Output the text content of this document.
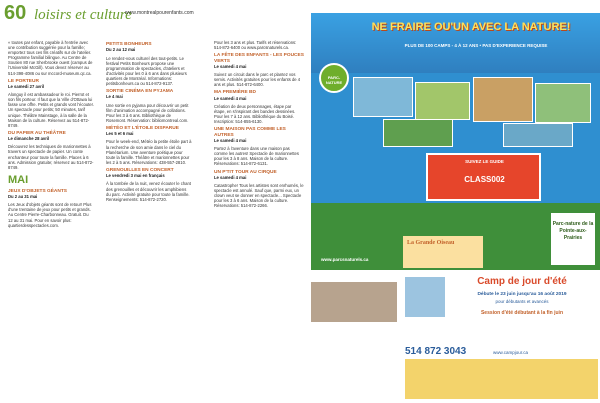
60 loisirs et culture
www.montrealpourenfants.com

« toutes par enfant, payable à l'entrée avec une contribution suggérée pour la famille; emportez tous ces fils créatifs sur de l'atelier. Programme familial bilingue. Au Centre de Soutien 80 rue Sherbrooke ouest (campus de l'Université McGill). Vous devez réserver au 514-398-4086 ou sur mccord-museum.qc.ca.

LE PORTEUR

Le samedi 27 avril

Alonguy il est ambassadeur le roi. Pierrot et son fils porteur. Il faut que la Ville d'Ottawa lui fasse une offre. Petits et grands vont l'écouter. Un spectacle pour petits; 50 minutes, tarif unique. Théâtre Mainstage, à la salle de la Maison de la culture. Réservez au 514-872-8749.

DU PAPIER AU THÉÂTRE

Le dimanche 28 avril

Découvrez les techniques de marionnettes à travers un spectacle de papier. Un conte enchanteur pour toute la famille. Places à 6 ans. Admission gratuite; réservez au 514-872-8749.

MAI
JEUX D'OBJETS GÉANTS

Du 2 au 31 mai

Les Jeux d'objets géants sont de retour! Plus d'une trentaine de jeux pour petits et grands. Au Centre Pierre-Charbonneau. Gratuit. Du 12 au 31 mai. Pour en savoir plus: quartierdesspectacles.com.

PETITS BONHEURS

Du 2 au 12 mai

Le rendez-vous culturel des tout-petits. Le festival Petits Bonheurs propose une programmation de spectacles, d'ateliers et d'activités pour les 0 à 6 ans dans plusieurs quartiers de Montréal. Informations: petitsbonheurs.ca ou 514-872-9137.

SORTIE CINÉMA EN PYJAMA

Le 4 mai

Une sortie en pyjama pour découvrir un petit film d'animation accompagné de collations. Pour les 3 à 6 ans. Bibliothèque de Rosemont. Réservation: bibliomontreal.com.

MÉTÉO ET L'ÉTOILE DISPARUE

Les 5 et 6 mai

Pour le week-end, Météo la petite étoile part à la recherche de son amie dans le ciel du Planétarium. Une aventure poétique pour toute la famille. Théâtre et marionnettes pour les 2 à 5 ans. Réservations: 438-557-2810.

GRENOUILLES EN CONCERT

Le vendredi 3 mai en français

À la tombée de la nuit, venez écouter le chant des grenouilles et découvrir les amphibiens du parc. Activité gratuite pour toute la famille. Renseignements: 514-872-2720.

Pour les 3 ans et plus. Tarifs et réservations: 514-872-6400 ou www.parcsnaturels.ca.

LA FÊTE DES ENFANTS - LES POUCES VERTS

Le samedi 4 mai

Suivez un circuit dans le parc et plantez vos semis. Activités gratuites pour les enfants de 4 ans et plus. 514-872-6400.

MA PREMIÈRE BD

Le samedi 4 mai

Création de deux personnages, étape par étape, en s'inspirant des bandes dessinées. Pour les 7 à 12 ans. Bibliothèque du Boisé. Inscription: 514-855-6130.

UNE MAISON PAS COMME LES AUTRES

Le samedi 4 mai

Partez à l'aventure dans une maison pas comme les autres! Spectacle de marionnettes pour les 3 à 8 ans. Maison de la culture. Réservations: 514-872-6131.

UN P'TIT TOUR AU CIRQUE

Le samedi 4 mai

Catastrophe! Tous les artistes sont enrhumés, le spectacle est annulé. Sauf que, parmi eux, un clown veut se donner en spectacle... Spectacle pour les 3 à 6 ans. Maison de la culture. Réservations: 514-872-2266.

NE FRAIRE OU'UN AVEC LA NATURE!
PLUS DE 100 CAMPS - 4 À 12 ANS • PAS D'EXPERIENCE REQUISE
PARC-NATURE
SUIVEZ LE GUIDE
CLASS002
Parc-nature de la Pointe-aux-Prairies
www.parcsnaturels.ca
La Grande Oiseau
Camp de jour d'été
Débute le 23 juin jusqu'au 16 août 2019
pour débutants et avancés
Session d'été débutant à la fin juin
514 872 3043	www.campjour.ca
